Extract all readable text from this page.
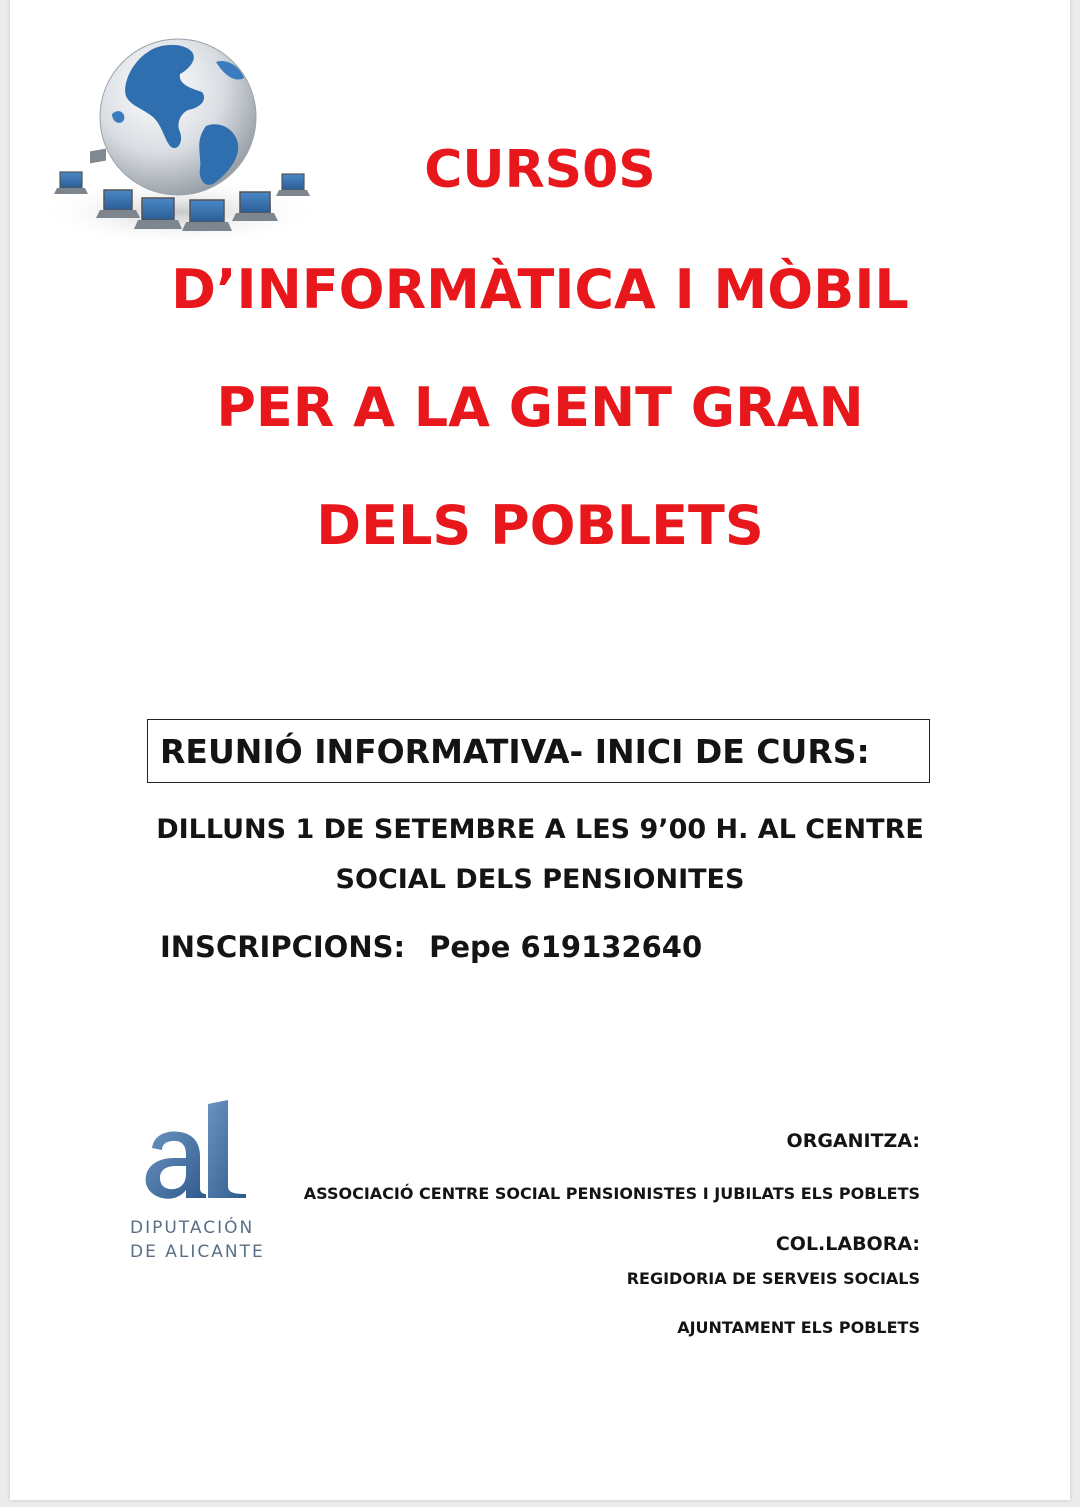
CURS0S
D’INFORMÀTICA I MÒBIL
PER A LA GENT GRAN
DELS POBLETS
REUNIÓ INFORMATIVA- INICI DE CURS:
DILLUNS 1 DE SETEMBRE A LES 9’00 H. AL CENTRE
SOCIAL DELS PENSIONITES
INSCRIPCIONS: Pepe 619132640
DIPUTACIÓN
DE ALICANTE
ORGANITZA:
ASSOCIACIÓ CENTRE SOCIAL PENSIONISTES I JUBILATS ELS POBLETS
COL.LABORA:
REGIDORIA DE SERVEIS SOCIALS
AJUNTAMENT ELS POBLETS
